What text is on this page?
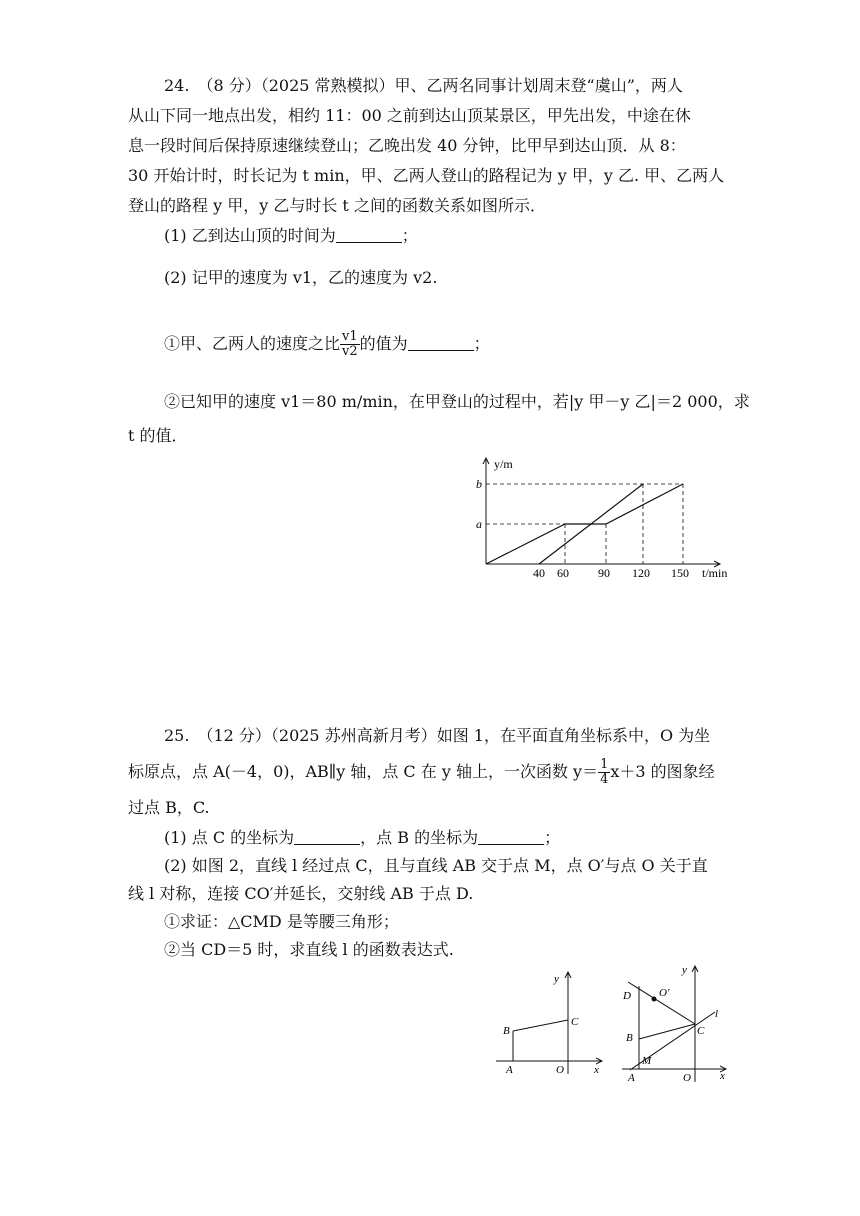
24.　（8 分）（2025 常熟模拟）甲、乙两名同事计划周末登“虞山”，两人
从山下同一地点出发，相约 11：00 之前到达山顶某景区，甲先出发，中途在休
息一段时间后保持原速继续登山；乙晚出发 40 分钟，比甲早到达山顶．从 8：
30 开始计时，时长记为 t min，甲、乙两人登山的路程记为 y 甲，y 乙. 甲、乙两人
登山的路程 y 甲，y 乙与时长 t 之间的函数关系如图所示．
(1) 乙到达山顶的时间为	；
(2) 记甲的速度为 v1，乙的速度为 v2.
①甲、乙两人的速度之比 $\frac{v1}{v2}$ 的值为	；
②已知甲的速度 v1＝80 m/min，在甲登山的过程中，若|y 甲－y 乙|＝2 000，求
t 的值．
y/m
t/min
b
a
40 60 90 120 150
25.　（12 分）（2025 苏州高新月考）如图 1，在平面直角坐标系中，O 为坐
标原点，点 A(－4，0)，AB∥y 轴，点 C 在 y 轴上，一次函数 $y= \frac{1}{4} x+3$ 的图象经
过点 B，C.
(1) 点 C 的坐标为	，点 B 的坐标为	；
(2) 如图 2，直线 l 经过点 C，且与直线 AB 交于点 M，点 O′与点 O 关于直
线 l 对称，连接 CO′并延长，交射线 AB 于点 D.
①求证：△CMD 是等腰三角形；
②当 CD＝5 时，求直线 l 的函数表达式.
y
x
B
C
A	O
y
x
D	O′
l
B
C
M
A	O
